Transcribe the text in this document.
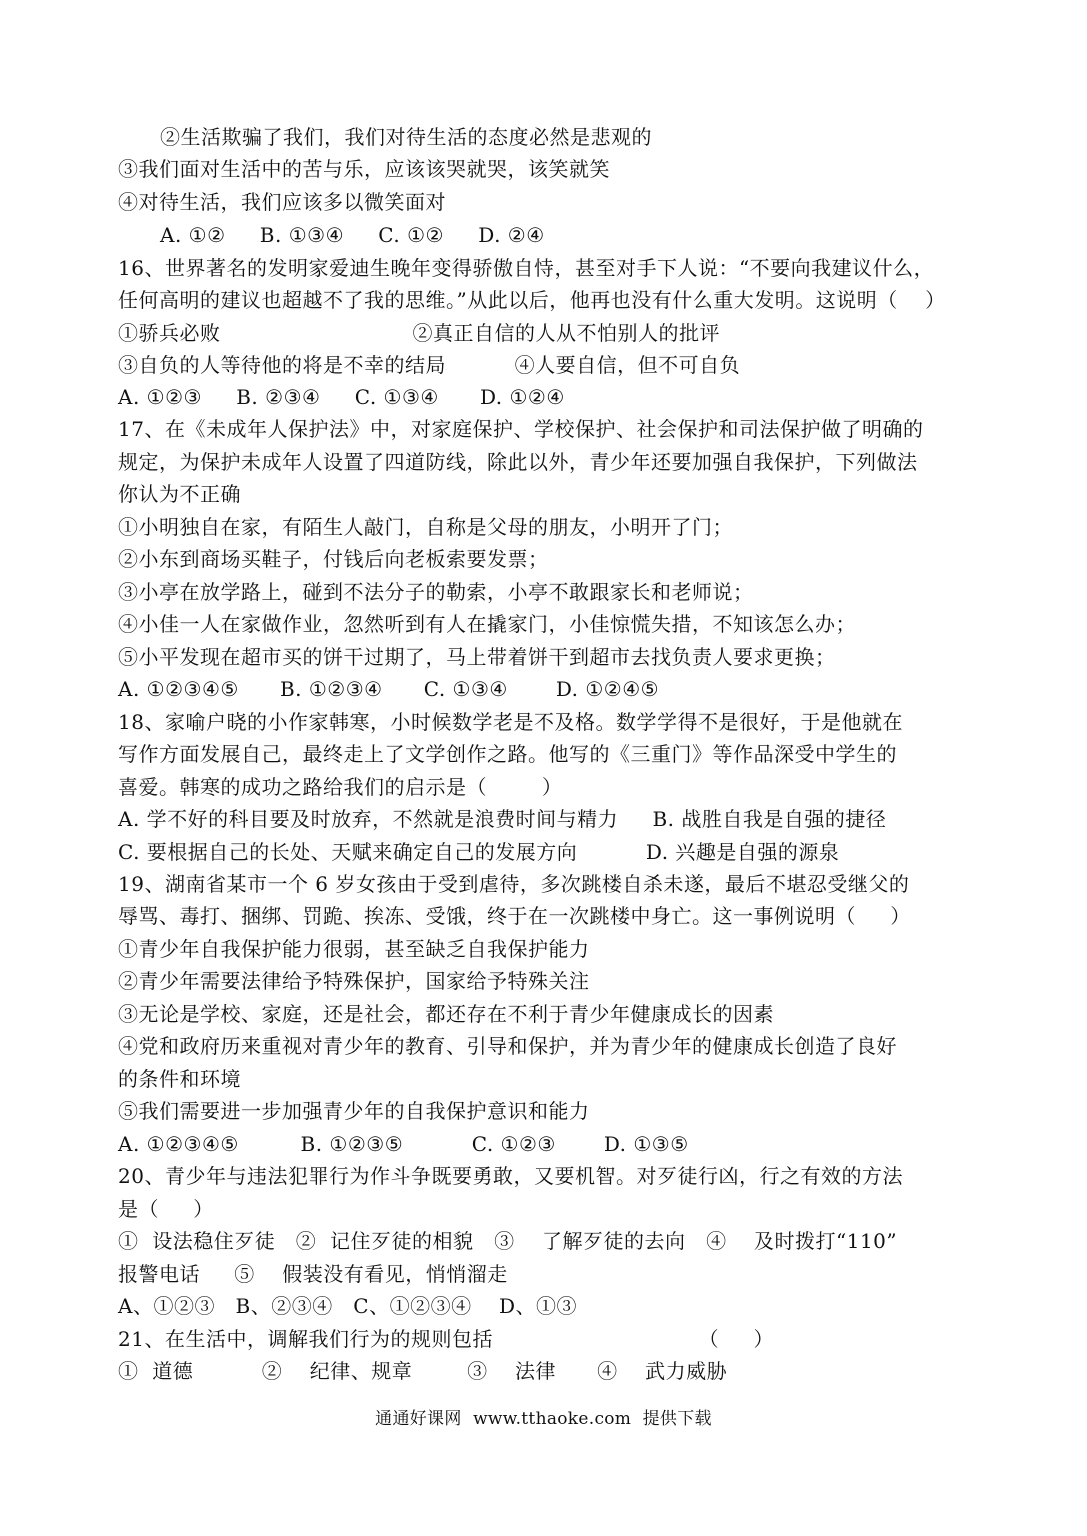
②生活欺骗了我们，我们对待生活的态度必然是悲观的
③我们面对生活中的苦与乐，应该该哭就哭，该笑就笑
④对待生活，我们应该多以微笑面对
A. ①②     B. ①③④     C. ①②     D. ②④
16、世界著名的发明家爱迪生晚年变得骄傲自恃，甚至对手下人说：“不要向我建议什么，
任何高明的建议也超越不了我的思维。”从此以后，他再也没有什么重大发明。这说明（    ）
①骄兵必败                            ②真正自信的人从不怕别人的批评
③自负的人等待他的将是不幸的结局          ④人要自信，但不可自负
A. ①②③     B. ②③④     C. ①③④      D. ①②④
17、在《未成年人保护法》中，对家庭保护、学校保护、社会保护和司法保护做了明确的
规定，为保护未成年人设置了四道防线，除此以外，青少年还要加强自我保护，下列做法
你认为不正确
①小明独自在家，有陌生人敲门，自称是父母的朋友，小明开了门；
②小东到商场买鞋子，付钱后向老板索要发票；
③小亭在放学路上，碰到不法分子的勒索，小亭不敢跟家长和老师说；
④小佳一人在家做作业，忽然听到有人在撬家门，小佳惊慌失措，不知该怎么办；
⑤小平发现在超市买的饼干过期了，马上带着饼干到超市去找负责人要求更换；
A. ①②③④⑤      B. ①②③④      C. ①③④       D. ①②④⑤
18、家喻户晓的小作家韩寒，小时候数学老是不及格。数学学得不是很好，于是他就在
写作方面发展自己，最终走上了文学创作之路。他写的《三重门》等作品深受中学生的
喜爱。韩寒的成功之路给我们的启示是（        ）
A. 学不好的科目要及时放弃，不然就是浪费时间与精力     B. 战胜自我是自强的捷径
C. 要根据自己的长处、天赋来确定自己的发展方向          D. 兴趣是自强的源泉
19、湖南省某市一个 6 岁女孩由于受到虐待，多次跳楼自杀未遂，最后不堪忍受继父的
辱骂、毒打、捆绑、罚跪、挨冻、受饿，终于在一次跳楼中身亡。这一事例说明（     ）
①青少年自我保护能力很弱，甚至缺乏自我保护能力
②青少年需要法律给予特殊保护，国家给予特殊关注
③无论是学校、家庭，还是社会，都还存在不利于青少年健康成长的因素
④党和政府历来重视对青少年的教育、引导和保护，并为青少年的健康成长创造了良好
的条件和环境
⑤我们需要进一步加强青少年的自我保护意识和能力
A. ①②③④⑤         B. ①②③⑤          C. ①②③       D. ①③⑤
20、青少年与违法犯罪行为作斗争既要勇敢，又要机智。对歹徒行凶，行之有效的方法
是（     ）
①  设法稳住歹徒   ②  记住歹徒的相貌   ③    了解歹徒的去向   ④    及时拨打“110”
报警电话     ⑤    假装没有看见，悄悄溜走
A、①②③   B、②③④   C、①②③④    D、①③
21、在生活中，调解我们行为的规则包括                              （     ）
①  道德          ②    纪律、规章        ③    法律      ④    武力威胁
通通好课网  www.tthaoke.com  提供下载
